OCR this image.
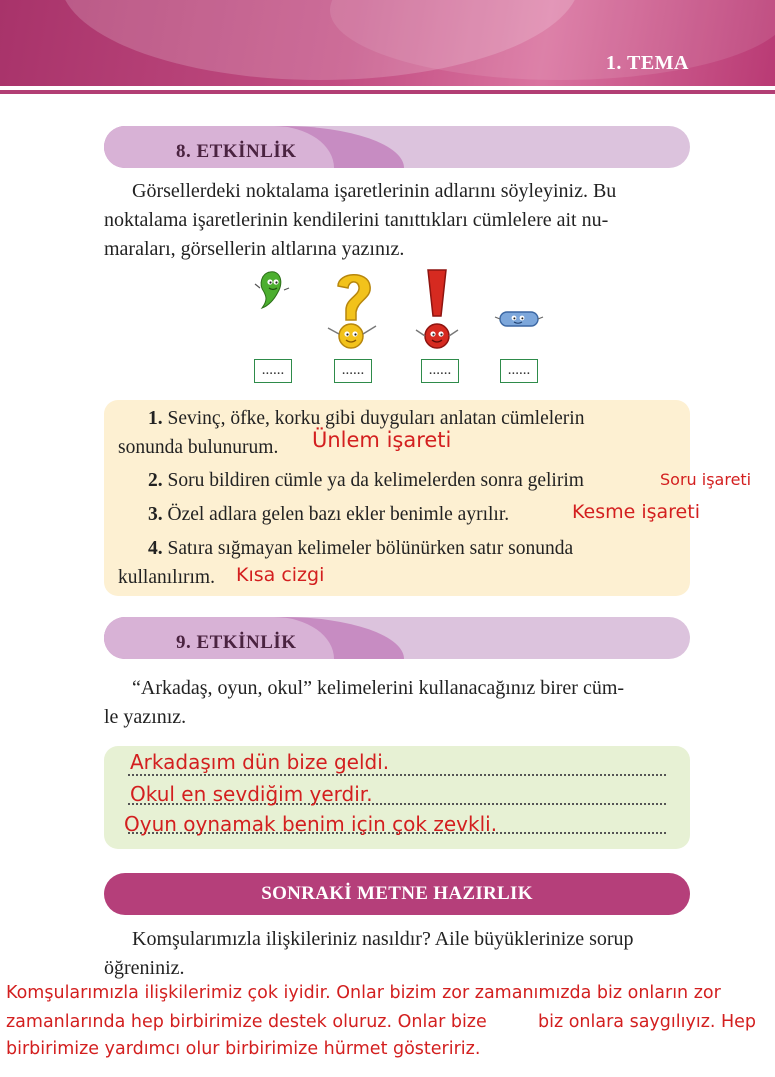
1. TEMA
8. ETKİNLİK
Görsellerdeki noktalama işaretlerinin adlarını söyleyiniz. Bu
noktalama işaretlerinin kendilerini tanıttıkları cümlelere ait nu-
maraları, görsellerin altlarına yazınız.
......	......	......	......
1. Sevinç, öfke, korku gibi duyguları anlatan cümlelerin
sonunda bulunurum. Ünlem işareti
2. Soru bildiren cümle ya da kelimelerden sonra gelirim	Soru işareti
3. Özel adlara gelen bazı ekler benimle ayrılır.	Kesme işareti
4. Satıra sığmayan kelimeler bölünürken satır sonunda
kullanılırım. Kısa cizgi
9. ETKİNLİK
“Arkadaş, oyun, okul” kelimelerini kullanacağınız birer cüm-
le yazınız.
Arkadaşım dün bize geldi.
Okul en sevdiğim yerdir.
Oyun oynamak benim için çok zevkli.
SONRAKİ METNE HAZIRLIK
Komşularımızla ilişkileriniz nasıldır? Aile büyüklerinize sorup
öğreniniz.
Komşularımızla ilişkilerimiz çok iyidir. Onlar bizim zor zamanımızda biz onların zor
zamanlarında hep birbirimize destek oluruz. Onlar bize	biz onlara saygılıyız. Hep
birbirimize yardımcı olur birbirimize hürmet gösteririz.
